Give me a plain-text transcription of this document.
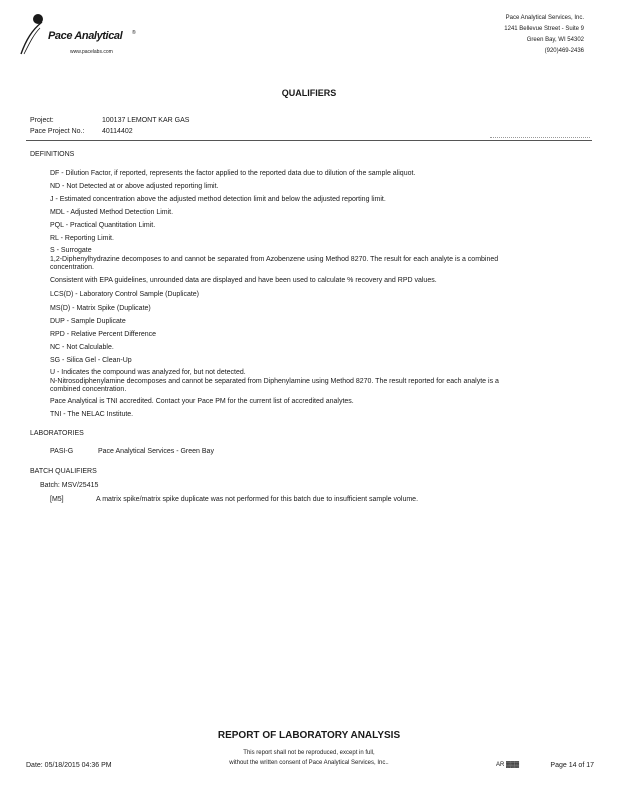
Pace Analytical ®
www.pacelabs.com
Pace Analytical Services, Inc.
1241 Bellevue Street - Suite 9
Green Bay, WI 54302
(920)469-2436
QUALIFIERS
Project:	100137 LEMONT KAR GAS
Pace Project No.:	40114402
DEFINITIONS
DF - Dilution Factor, if reported, represents the factor applied to the reported data due to dilution of the sample aliquot.
ND - Not Detected at or above adjusted reporting limit.
J - Estimated concentration above the adjusted method detection limit and below the adjusted reporting limit.
MDL - Adjusted Method Detection Limit.
PQL - Practical Quantitation Limit.
RL - Reporting Limit.
S - Surrogate
1,2-Diphenylhydrazine decomposes to and cannot be separated from Azobenzene using Method 8270. The result for each analyte is a combined concentration.
Consistent with EPA guidelines, unrounded data are displayed and have been used to calculate % recovery and RPD values.
LCS(D) - Laboratory Control Sample (Duplicate)
MS(D) - Matrix Spike (Duplicate)
DUP - Sample Duplicate
RPD - Relative Percent Difference
NC - Not Calculable.
SG - Silica Gel - Clean-Up
U - Indicates the compound was analyzed for, but not detected.
N-Nitrosodiphenylamine decomposes and cannot be separated from Diphenylamine using Method 8270. The result reported for each analyte is a combined concentration.
Pace Analytical is TNI accredited. Contact your Pace PM for the current list of accredited analytes.
TNI - The NELAC Institute.
LABORATORIES
PASI-G	Pace Analytical Services - Green Bay
BATCH QUALIFIERS
Batch: MSV/25415
[M5]	A matrix spike/matrix spike duplicate was not performed for this batch due to insufficient sample volume.
REPORT OF LABORATORY ANALYSIS
This report shall not be reproduced, except in full,
without the written consent of Pace Analytical Services, Inc..
Date: 05/18/2015 04:36 PM	AR ▓▓▓	Page 14 of 17
